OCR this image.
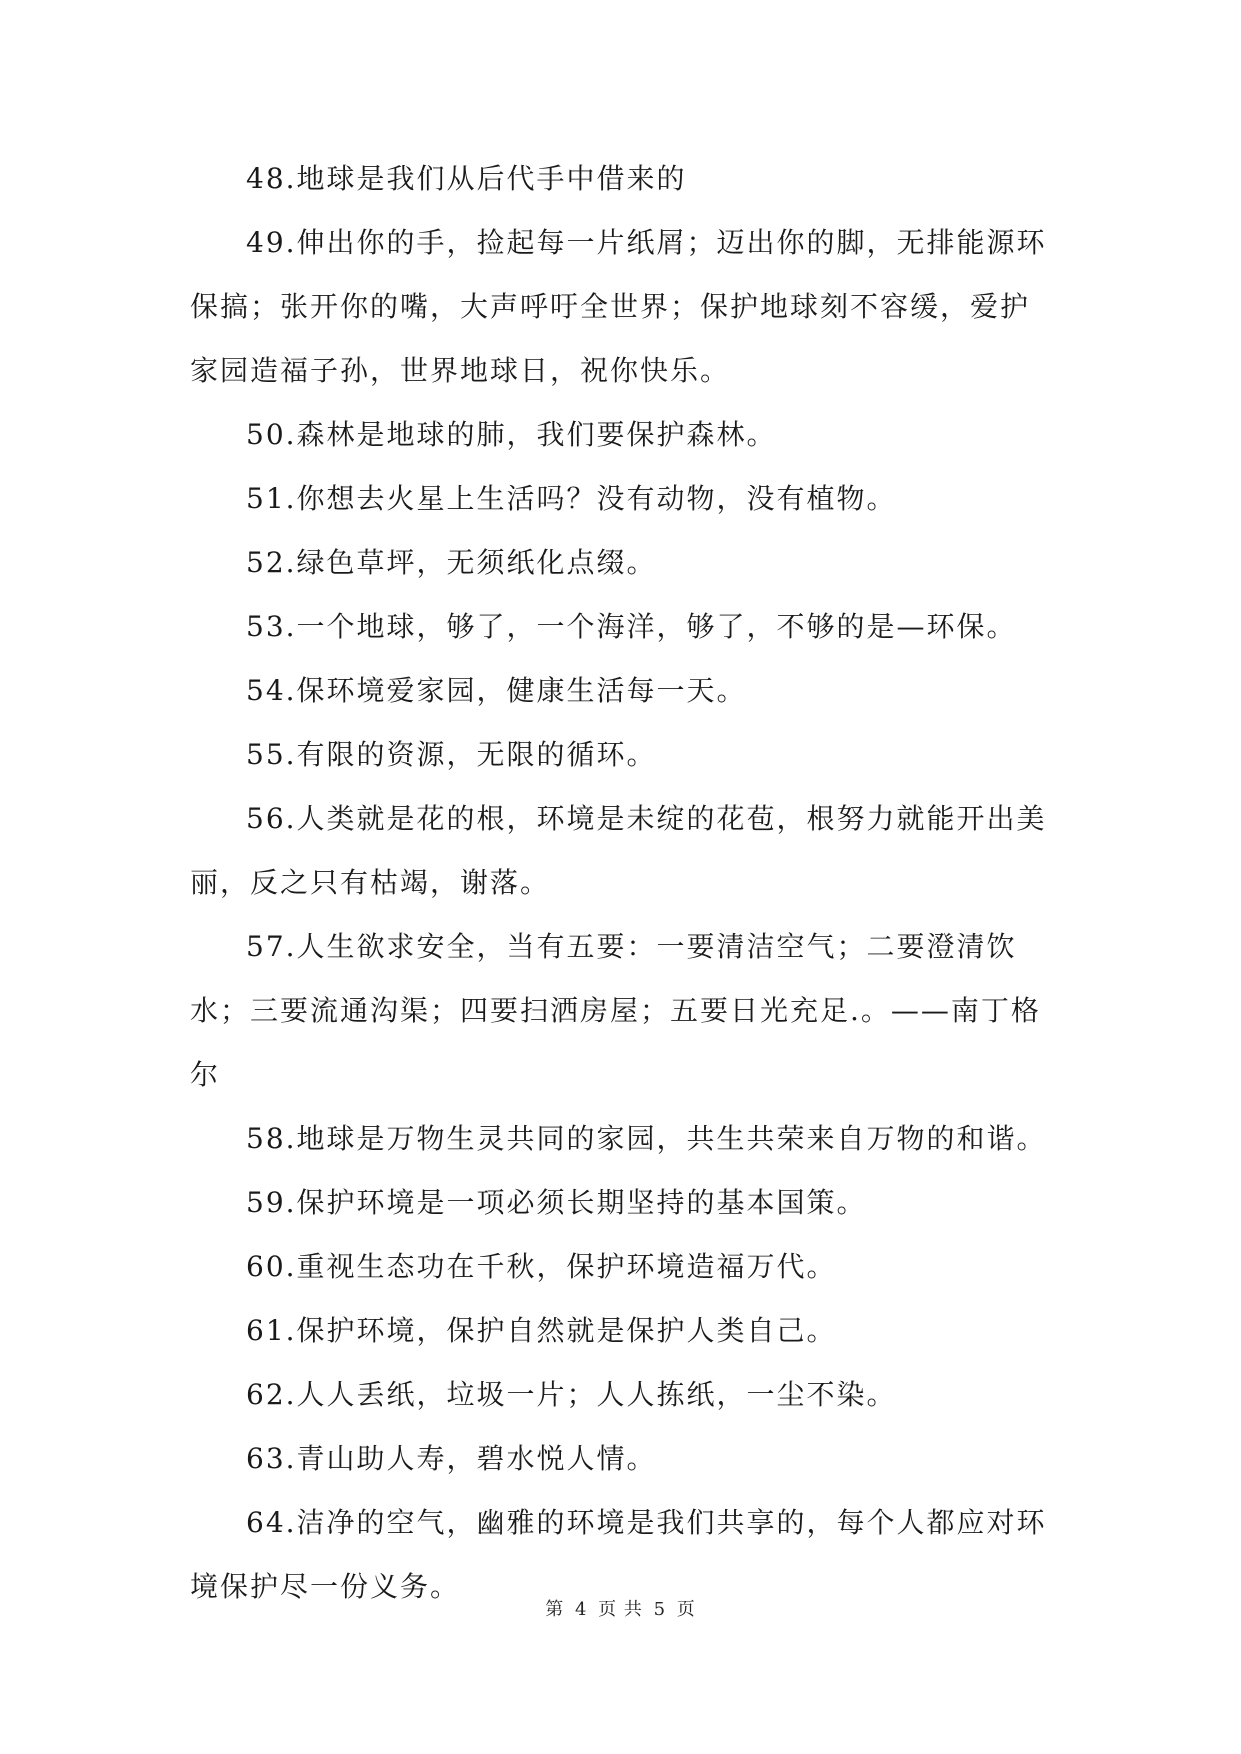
48.地球是我们从后代手中借来的

49.伸出你的手，捡起每一片纸屑；迈出你的脚，无排能源环保搞；张开你的嘴，大声呼吁全世界；保护地球刻不容缓，爱护家园造福子孙，世界地球日，祝你快乐。

50.森林是地球的肺，我们要保护森林。

51.你想去火星上生活吗？没有动物，没有植物。

52.绿色草坪，无须纸化点缀。

53.一个地球，够了，一个海洋，够了，不够的是—环保。

54.保环境爱家园，健康生活每一天。

55.有限的资源，无限的循环。

56.人类就是花的根，环境是未绽的花苞，根努力就能开出美丽，反之只有枯竭，谢落。

57.人生欲求安全，当有五要：一要清洁空气；二要澄清饮水；三要流通沟渠；四要扫洒房屋；五要日光充足.。——南丁格尔

58.地球是万物生灵共同的家园，共生共荣来自万物的和谐。

59.保护环境是一项必须长期坚持的基本国策。

60.重视生态功在千秋，保护环境造福万代。

61.保护环境，保护自然就是保护人类自己。

62.人人丢纸，垃圾一片；人人拣纸，一尘不染。

63.青山助人寿，碧水悦人情。

64.洁净的空气，幽雅的环境是我们共享的，每个人都应对环境保护尽一份义务。

第 4 页 共 5 页
